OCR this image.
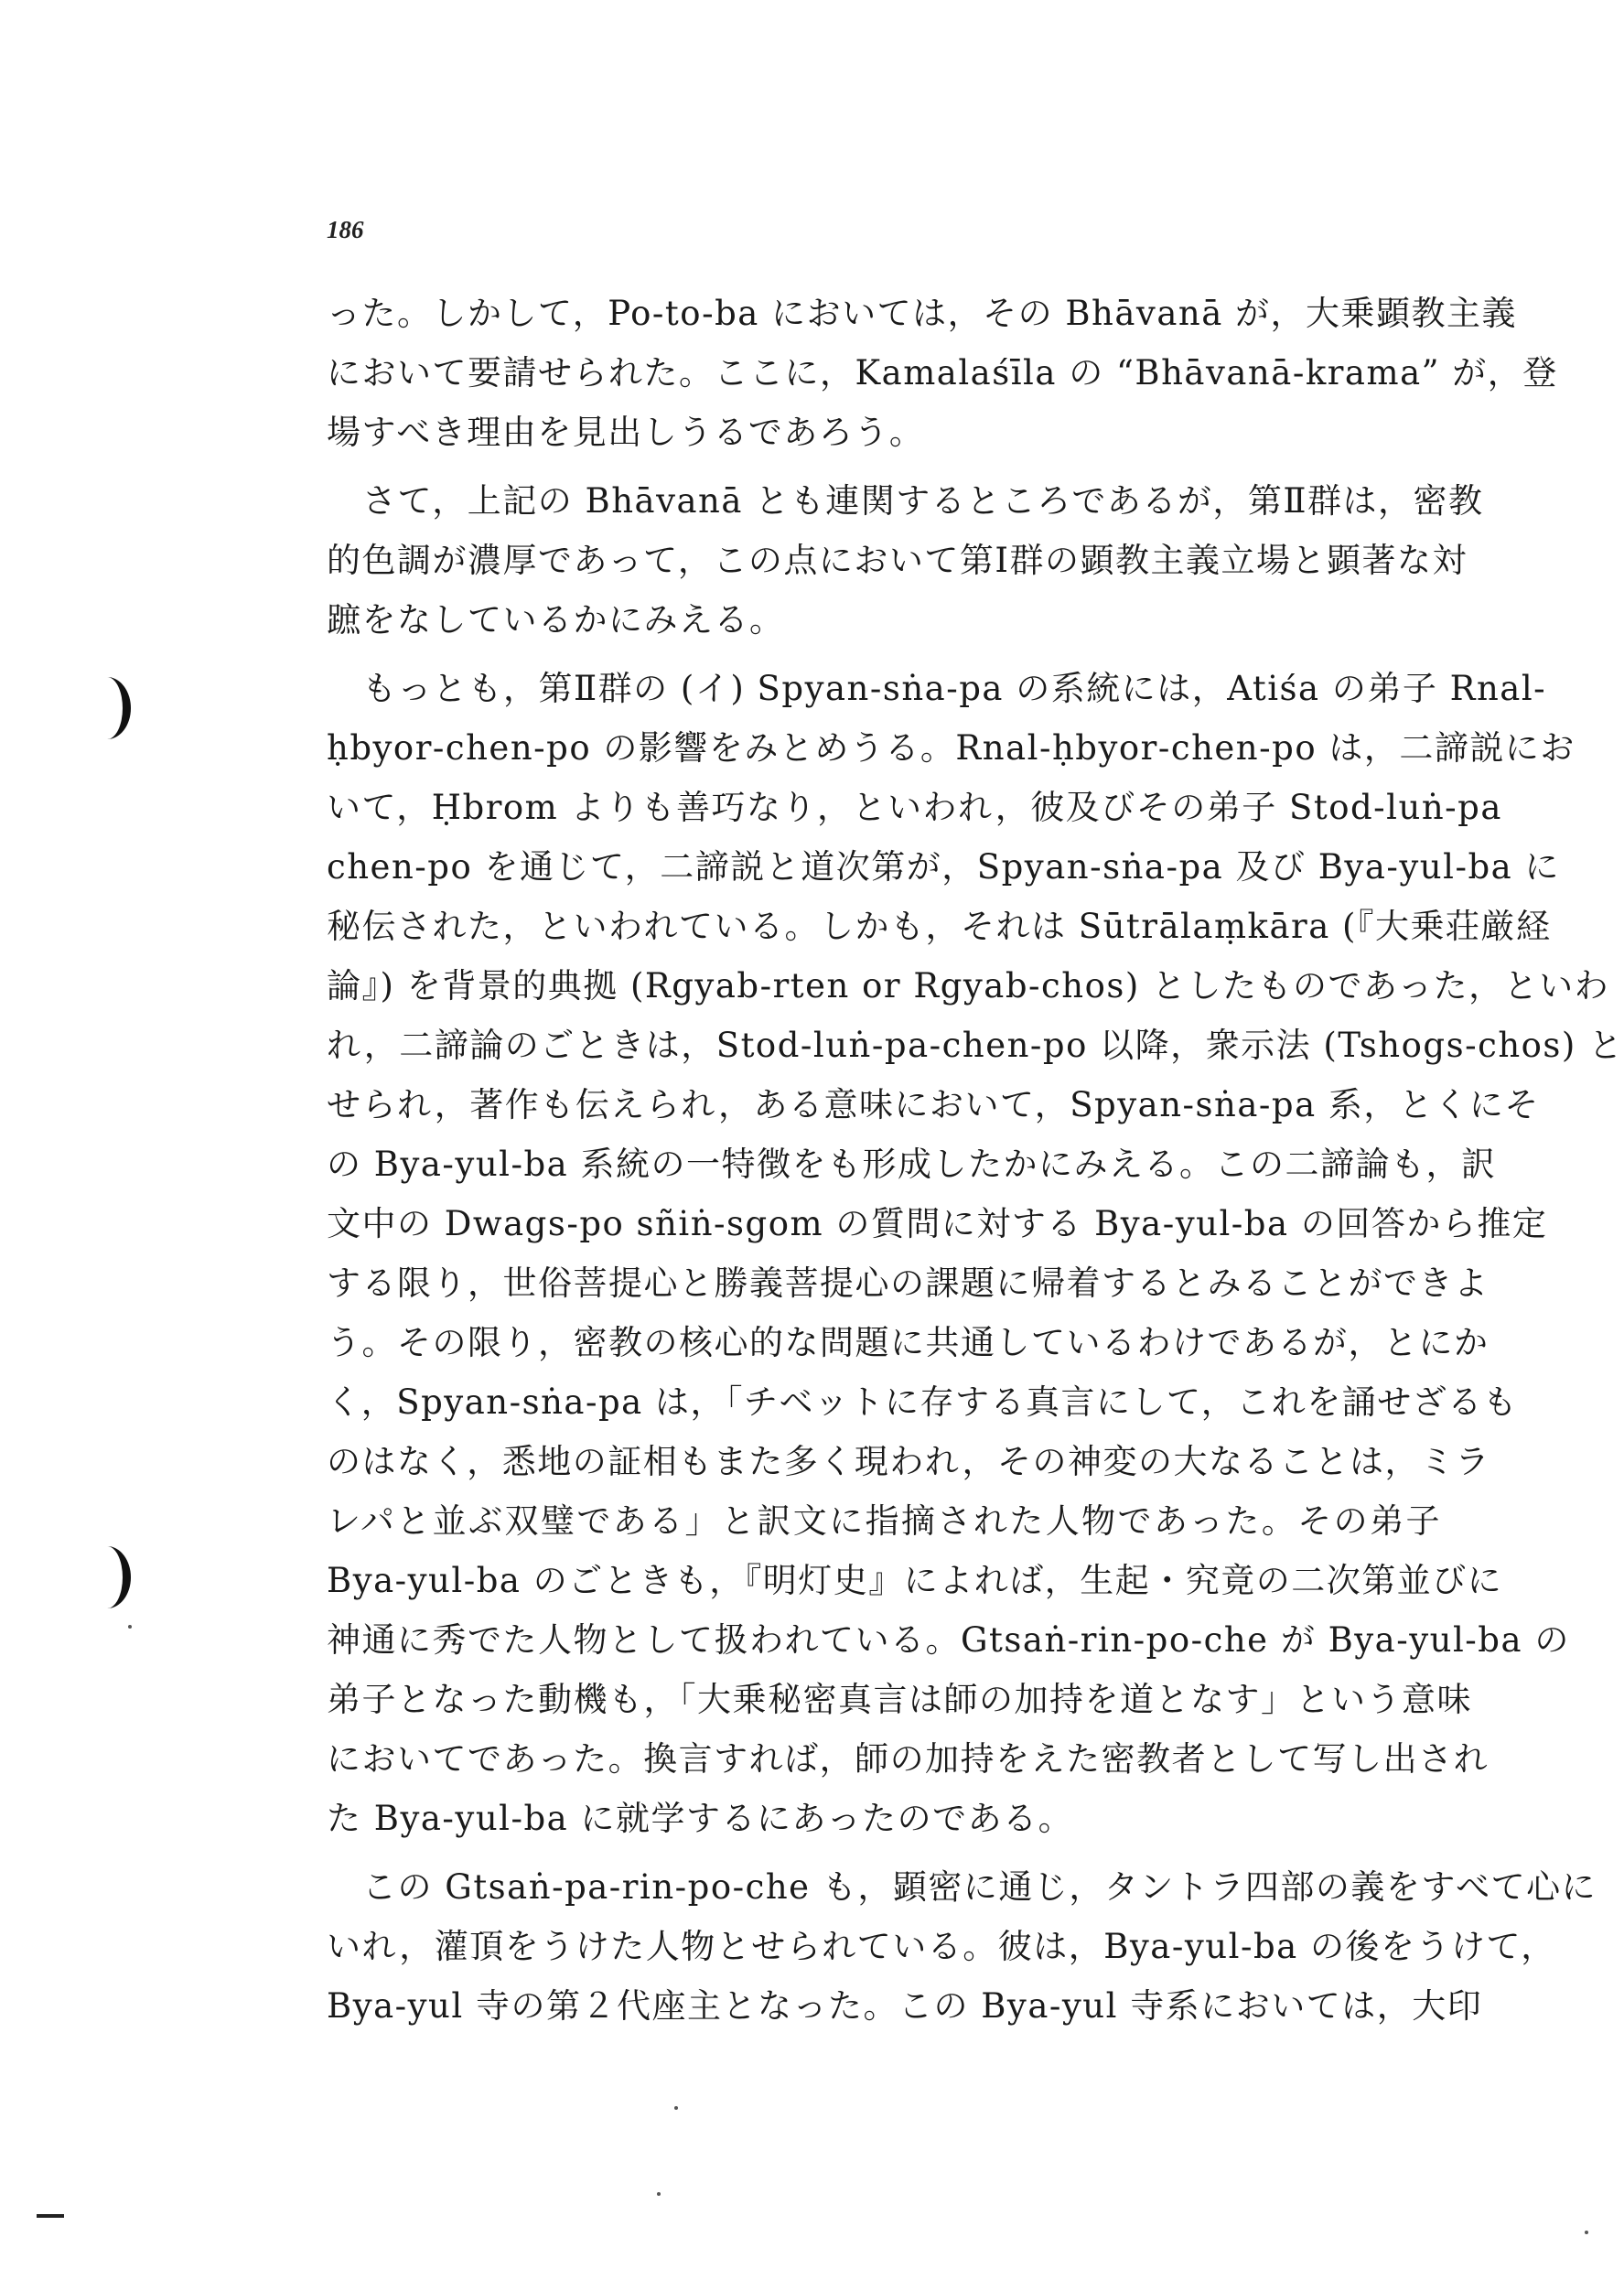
186
った。しかして，Po-to-ba においては，その Bhāvanā が，大乗顕教主義
において要請せられた。ここに，Kamalaśīla の “Bhāvanā-krama” が，登
場すべき理由を見出しうるであろう。
さて，上記の Bhāvanā とも連関するところであるが，第Ⅱ群は，密教
的色調が濃厚であって，この点において第Ⅰ群の顕教主義立場と顕著な対
蹠をなしているかにみえる。
もっとも，第Ⅱ群の (イ) Spyan-sṅa-pa の系統には，Atiśa の弟子 Rnal-
ḥbyor-chen-po の影響をみとめうる。Rnal-ḥbyor-chen-po は，二諦説にお
いて，Ḥbrom よりも善巧なり，といわれ，彼及びその弟子 Stod-luṅ-pa
chen-po を通じて，二諦説と道次第が，Spyan-sṅa-pa 及び Bya-yul-ba に
秘伝された，といわれている。しかも，それは Sūtrālaṃkāra (『大乗荘厳経
論』) を背景的典拠 (Rgyab-rten or Rgyab-chos) としたものであった，といわ
れ，二諦論のごときは，Stod-luṅ-pa-chen-po 以降，衆示法 (Tshogs-chos) と
せられ，著作も伝えられ，ある意味において，Spyan-sṅa-pa 系，とくにそ
の Bya-yul-ba 系統の一特徴をも形成したかにみえる。この二諦論も，訳
文中の Dwags-po sñiṅ-sgom の質問に対する Bya-yul-ba の回答から推定
する限り，世俗菩提心と勝義菩提心の課題に帰着するとみることができよ
う。その限り，密教の核心的な問題に共通しているわけであるが，とにか
く，Spyan-sṅa-pa は，「チベットに存する真言にして，これを誦せざるも
のはなく，悉地の証相もまた多く現われ，その神変の大なることは，ミラ
レパと並ぶ双璧である」と訳文に指摘された人物であった。その弟子
Bya-yul-ba のごときも，『明灯史』によれば，生起・究竟の二次第並びに
神通に秀でた人物として扱われている。Gtsaṅ-rin-po-che が Bya-yul-ba の
弟子となった動機も，「大乗秘密真言は師の加持を道となす」という意味
においてであった。換言すれば，師の加持をえた密教者として写し出され
た Bya-yul-ba に就学するにあったのである。
この Gtsaṅ-pa-rin-po-che も，顕密に通じ，タントラ四部の義をすべて心に
いれ，灌頂をうけた人物とせられている。彼は，Bya-yul-ba の後をうけて，
Bya-yul 寺の第２代座主となった。この Bya-yul 寺系においては，大印
